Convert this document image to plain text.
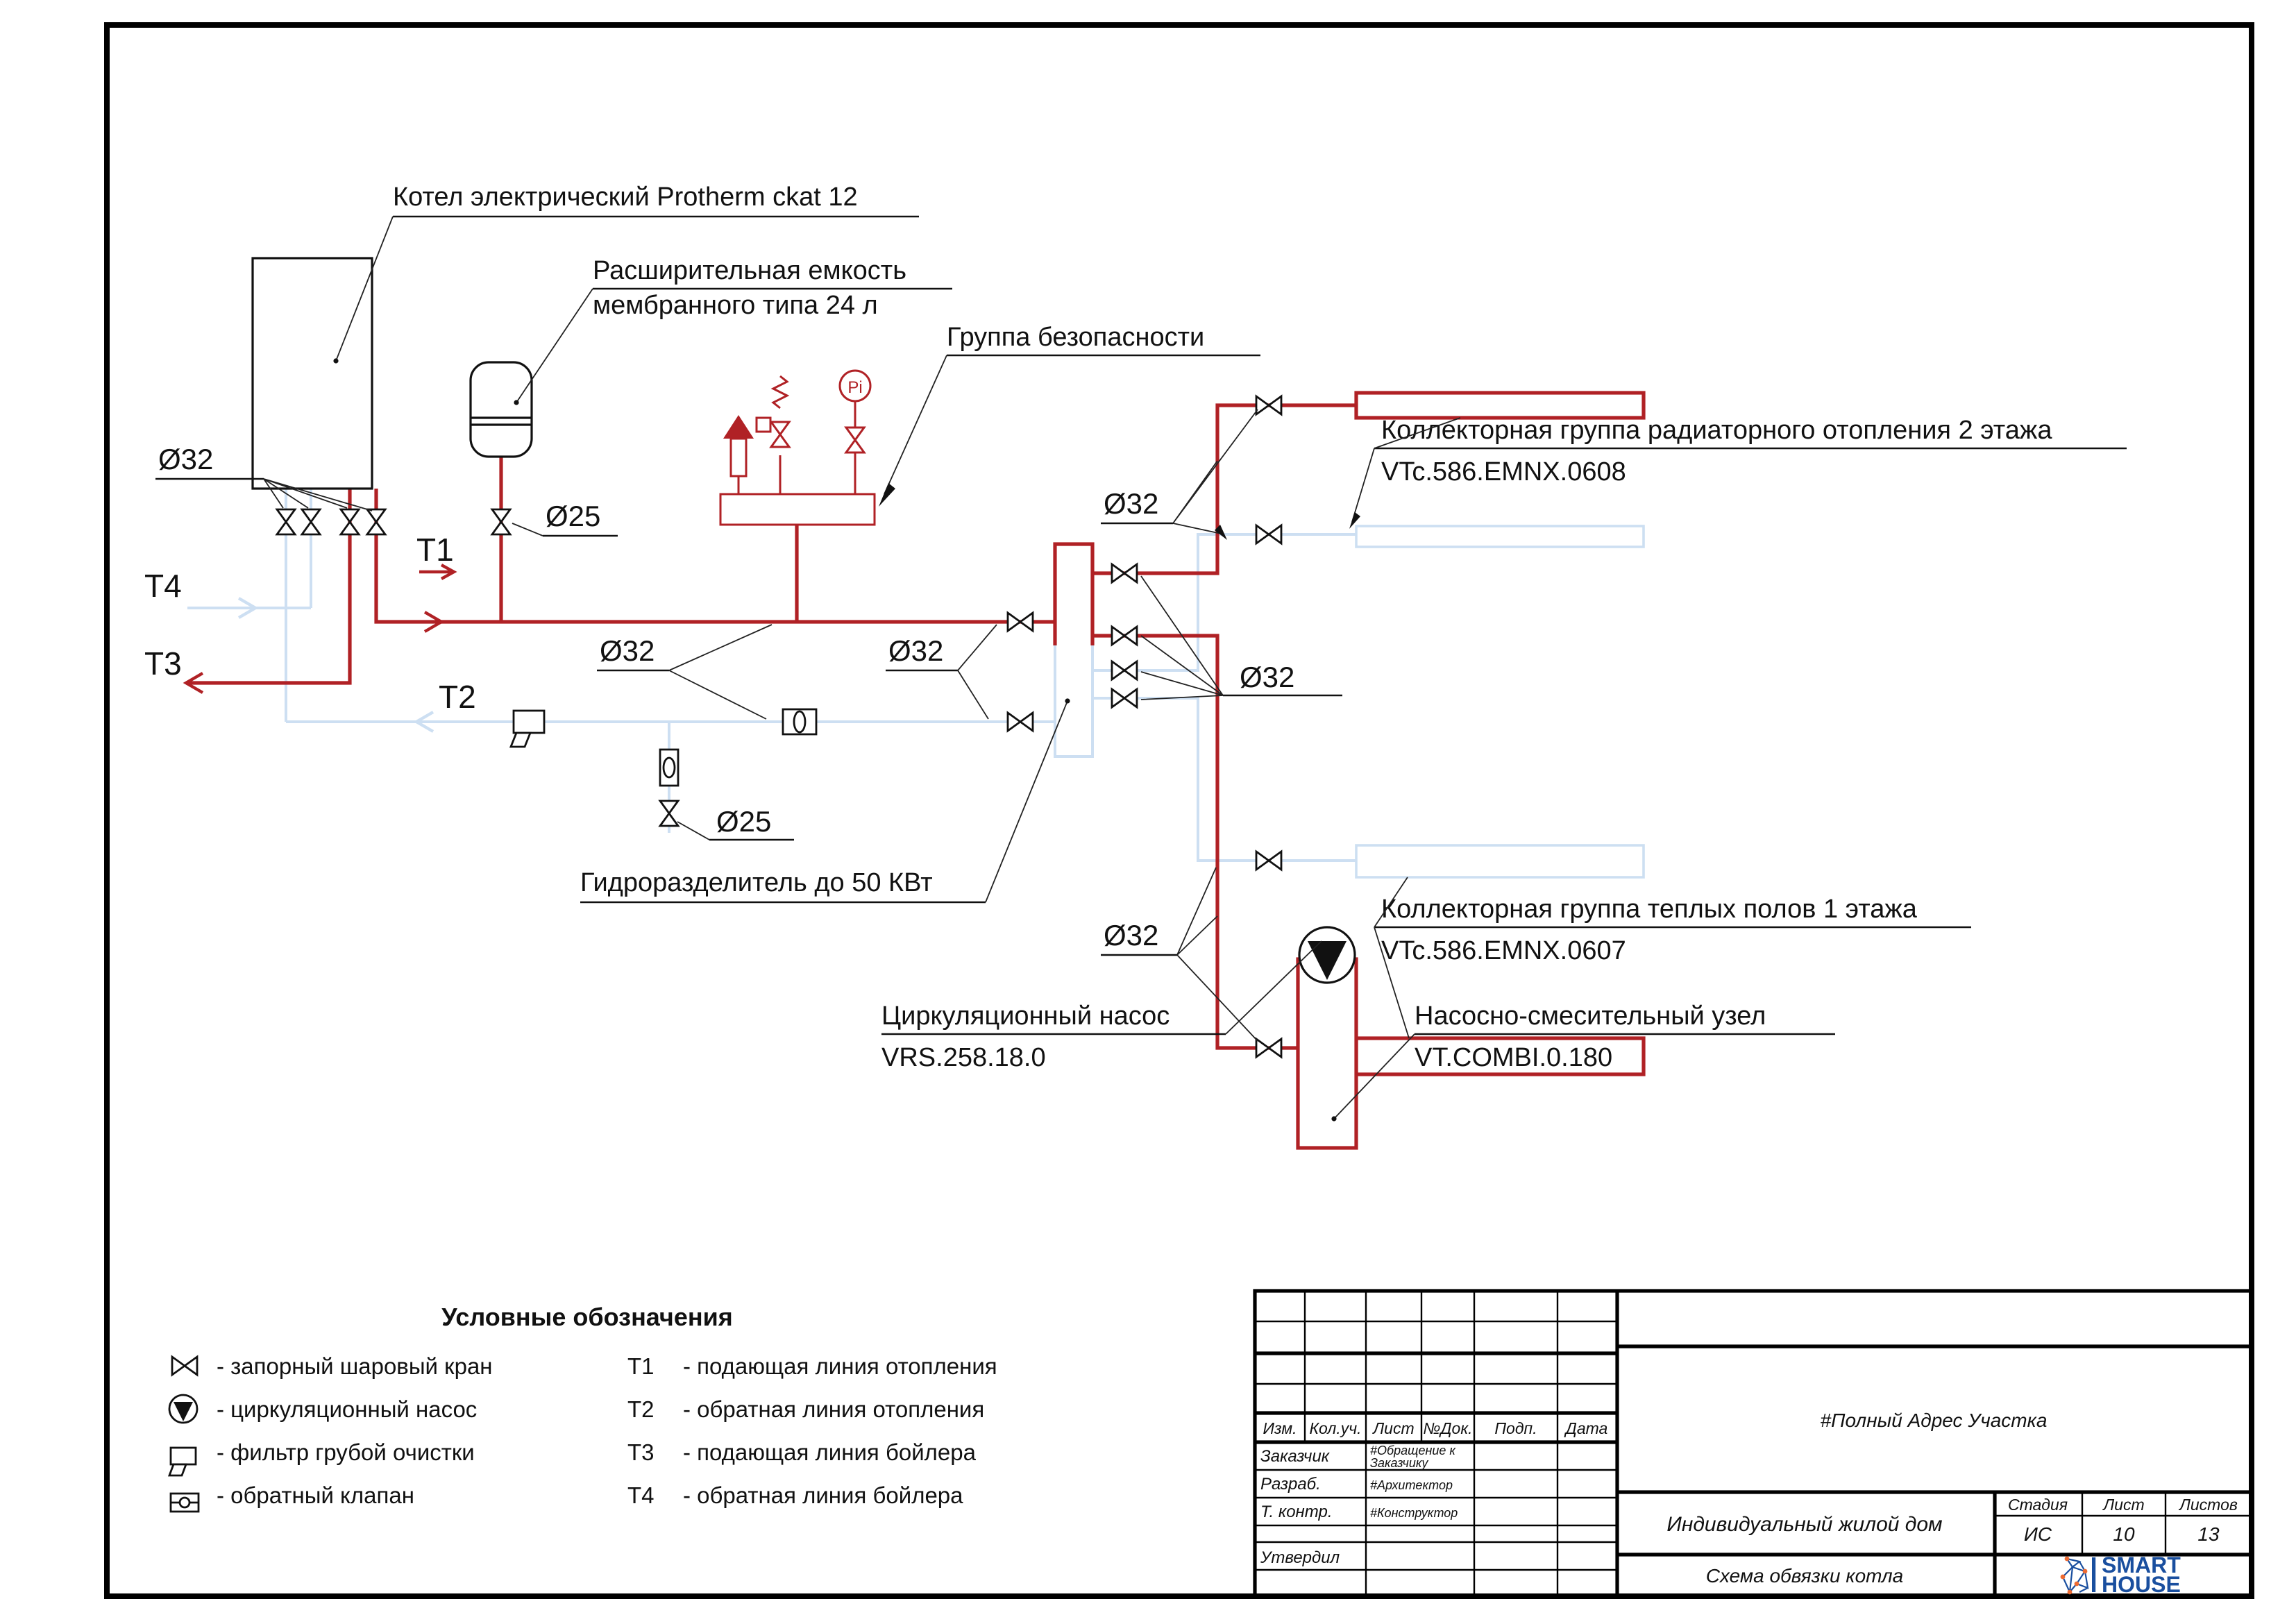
Pi
Котел электрический Protherm ckat 12
Расширительная емкость
мембранного типа 24 л
Группа безопасности
Коллекторная группа радиаторного отопления 2 этажа
VTc.586.EMNX.0608
Коллекторная группа теплых полов 1 этажа
VTc.586.EMNX.0607
Гидроразделитель до 50 КВт
Циркуляционный насос
VRS.258.18.0
Насосно-смесительный узел
VT.COMBI.0.180
Ø32
Ø25
Ø32	Ø32
Ø25
Ø32
Ø32
Ø32
Т1
Т2
Т3
Т4
Условные обозначения
- запорный шаровый кран
- циркуляционный насос
- фильтр грубой очистки
- обратный клапан
Т1
Т2
Т3
Т4
- подающая линия отопления
- обратная линия отопления
- подающая линия бойлера
- обратная линия бойлера
Изм. Кол.уч. Лист №Док.	Подп.	Дата
Заказчик	#Обращение к
Заказчику
Разраб.	#Архитектор
Т. контр.	#Конструктор
Утвердил
#Полный Адрес Участка
Индивидуальный жилой дом
Стадия	Лист	Листов
ИС	10	13
Схема обвязки котла	SMART
HOUSE
